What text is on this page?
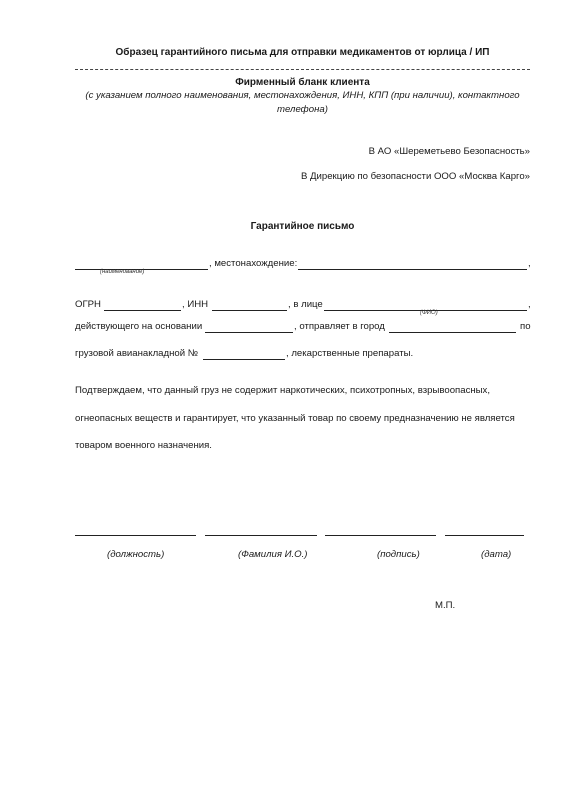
Образец гарантийного письма для отправки медикаментов от юрлица / ИП
Фирменный бланк клиента
(с указанием полного наименования, местонахождения, ИНН, КПП (при наличии), контактного
телефона)
В АО «Шереметьево Безопасность»
В Дирекцию по безопасности ООО «Москва Карго»
Гарантийное письмо
, местонахождение:	,
(наименование)
ОГРН	, ИНН	, в лице	,
(ФИО)
действующего на основании	, отправляет в город	по
грузовой авианакладной №	, лекарственные препараты.
Подтверждаем, что данный груз не содержит наркотических, психотропных, взрывоопасных,
огнеопасных веществ и гарантирует, что указанный товар по своему предназначению не является
товаром военного назначения.
(должность)	(Фамилия И.О.)	(подпись)	(дата)
М.П.
